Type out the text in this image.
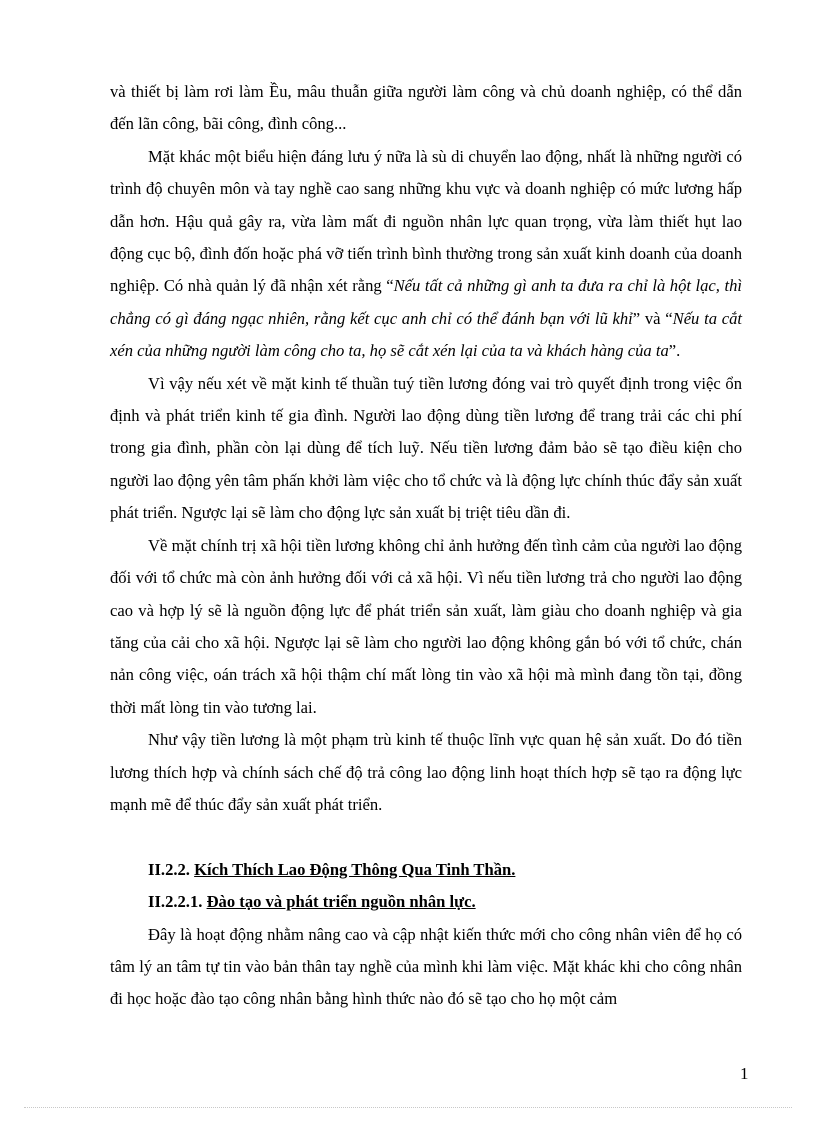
và thiết bị làm rơi làm Ều, mâu thuẫn giữa người làm công và chủ doanh nghiệp, có thể dẫn đến lãn công, bãi công, đình công...

Mặt khác một biểu hiện đáng lưu ý nữa là sù di chuyển lao động, nhất là những người có trình độ chuyên môn và tay nghề cao sang những khu vực và doanh nghiệp có mức lương hấp dẫn hơn. Hậu quả gây ra, vừa làm mất đi nguồn nhân lực quan trọng, vừa làm thiết hụt lao động cục bộ, đình đốn hoặc phá vỡ tiến trình bình thường trong sản xuất kinh doanh của doanh nghiệp. Có nhà quản lý đã nhận xét rằng “Nếu tất cả những gì anh ta đưa ra chỉ là hột lạc, thì chẳng có gì đáng ngạc nhiên, rằng kết cục anh chỉ có thể đánh bạn với lũ khỉ” và “Nếu ta cắt xén của những người làm công cho ta, họ sẽ cắt xén lại của ta và khách hàng của ta”.

Vì vậy nếu xét về mặt kinh tế thuần tuý tiền lương đóng vai trò quyết định trong việc ổn định và phát triển kinh tế gia đình. Người lao động dùng tiền lương để trang trải các chi phí trong gia đình, phần còn lại dùng để tích luỹ. Nếu tiền lương đảm bảo sẽ tạo điều kiện cho người lao động yên tâm phấn khởi làm việc cho tổ chức và là động lực chính thúc đẩy sản xuất phát triển. Ngược lại sẽ làm cho động lực sản xuất bị triệt tiêu dần đi.

Về mặt chính trị xã hội tiền lương không chỉ ảnh hưởng đến tình cảm của người lao động đối với tổ chức mà còn ảnh hưởng đối với cả xã hội. Vì nếu tiền lương trả cho người lao động cao và hợp lý sẽ là nguồn động lực để phát triển sản xuất, làm giàu cho doanh nghiệp và gia tăng của cải cho xã hội. Ngược lại sẽ làm cho người lao động không gắn bó với tổ chức, chán nản công việc, oán trách xã hội thậm chí mất lòng tin vào xã hội mà mình đang tồn tại, đồng thời mất lòng tin vào tương lai.

Như vậy tiền lương là một phạm trù kinh tế thuộc lĩnh vực quan hệ sản xuất. Do đó tiền lương thích hợp và chính sách chế độ trả công lao động linh hoạt thích hợp sẽ tạo ra động lực mạnh mẽ để thúc đẩy sản xuất phát triển.

II.2.2. Kích Thích Lao Động Thông Qua Tinh Thần.

II.2.2.1. Đào tạo và phát triển nguồn nhân lực.

Đây là hoạt động nhằm nâng cao và cập nhật kiến thức mới cho công nhân viên để họ có tâm lý an tâm tự tin vào bản thân tay nghề của mình khi làm việc. Mặt khác khi cho công nhân đi học hoặc đào tạo công nhân bằng hình thức nào đó sẽ tạo cho họ một cảm

1
